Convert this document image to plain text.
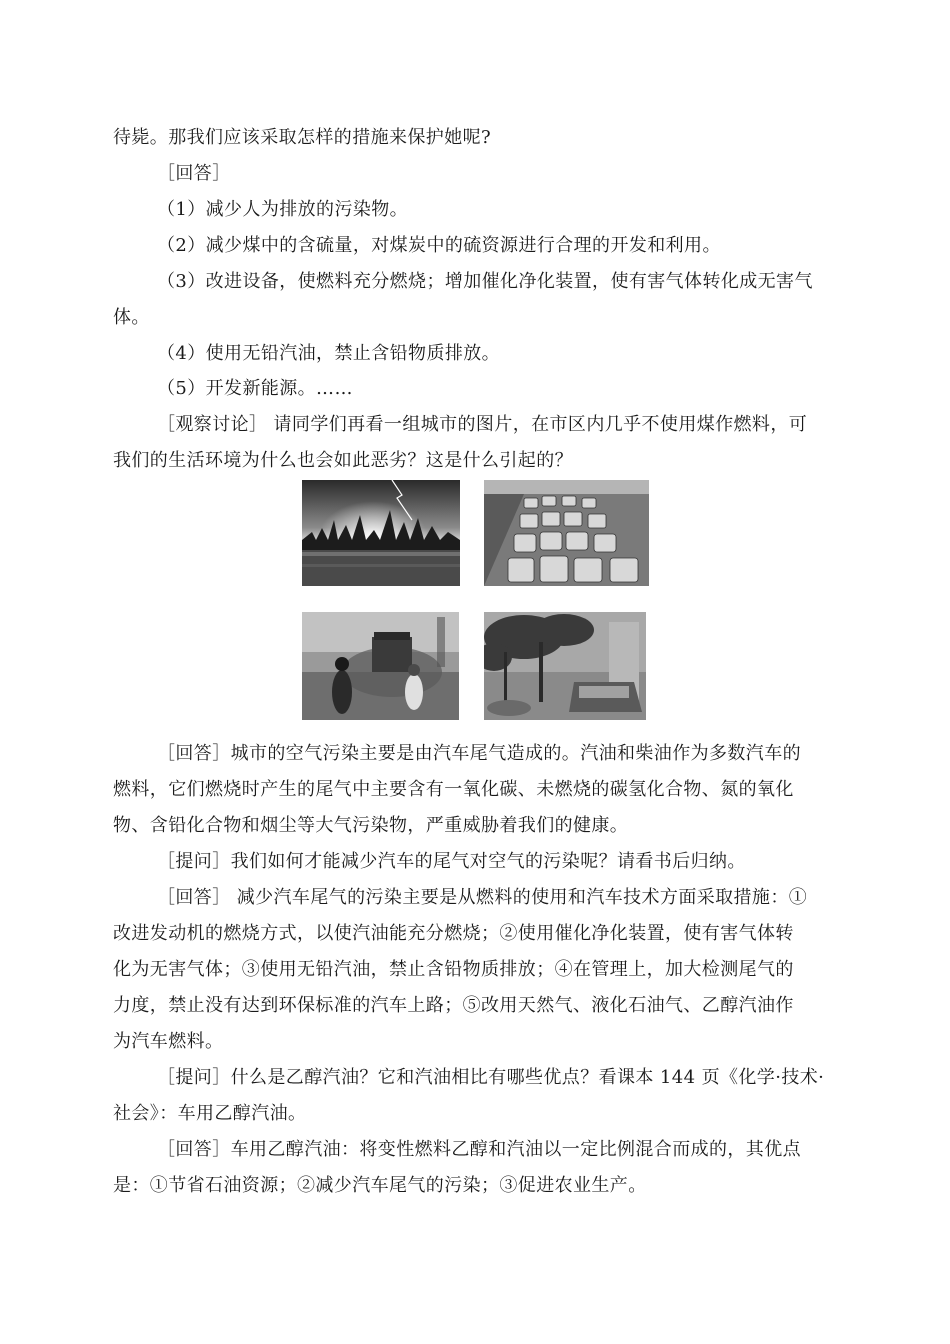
待毙。那我们应该采取怎样的措施来保护她呢?
［回答］
（1）减少人为排放的污染物。
（2）减少煤中的含硫量，对煤炭中的硫资源进行合理的开发和利用。
（3）改进设备，使燃料充分燃烧；增加催化净化装置，使有害气体转化成无害气
体。
（4）使用无铅汽油，禁止含铅物质排放。
（5）开发新能源。……
［观察讨论］ 请同学们再看一组城市的图片，在市区内几乎不使用煤作燃料，可
我们的生活环境为什么也会如此恶劣？这是什么引起的？
［回答］城市的空气污染主要是由汽车尾气造成的。汽油和柴油作为多数汽车的
燃料，它们燃烧时产生的尾气中主要含有一氧化碳、未燃烧的碳氢化合物、氮的氧化
物、含铅化合物和烟尘等大气污染物，严重威胁着我们的健康。
［提问］我们如何才能减少汽车的尾气对空气的污染呢？请看书后归纳。
［回答］ 减少汽车尾气的污染主要是从燃料的使用和汽车技术方面采取措施：①
改进发动机的燃烧方式，以使汽油能充分燃烧；②使用催化净化装置，使有害气体转
化为无害气体；③使用无铅汽油，禁止含铅物质排放；④在管理上，加大检测尾气的
力度，禁止没有达到环保标准的汽车上路；⑤改用天然气、液化石油气、乙醇汽油作
为汽车燃料。
［提问］什么是乙醇汽油？它和汽油相比有哪些优点？看课本 144 页《化学·技术·
社会》：车用乙醇汽油。
［回答］车用乙醇汽油：将变性燃料乙醇和汽油以一定比例混合而成的，其优点
是：①节省石油资源；②减少汽车尾气的污染；③促进农业生产。
